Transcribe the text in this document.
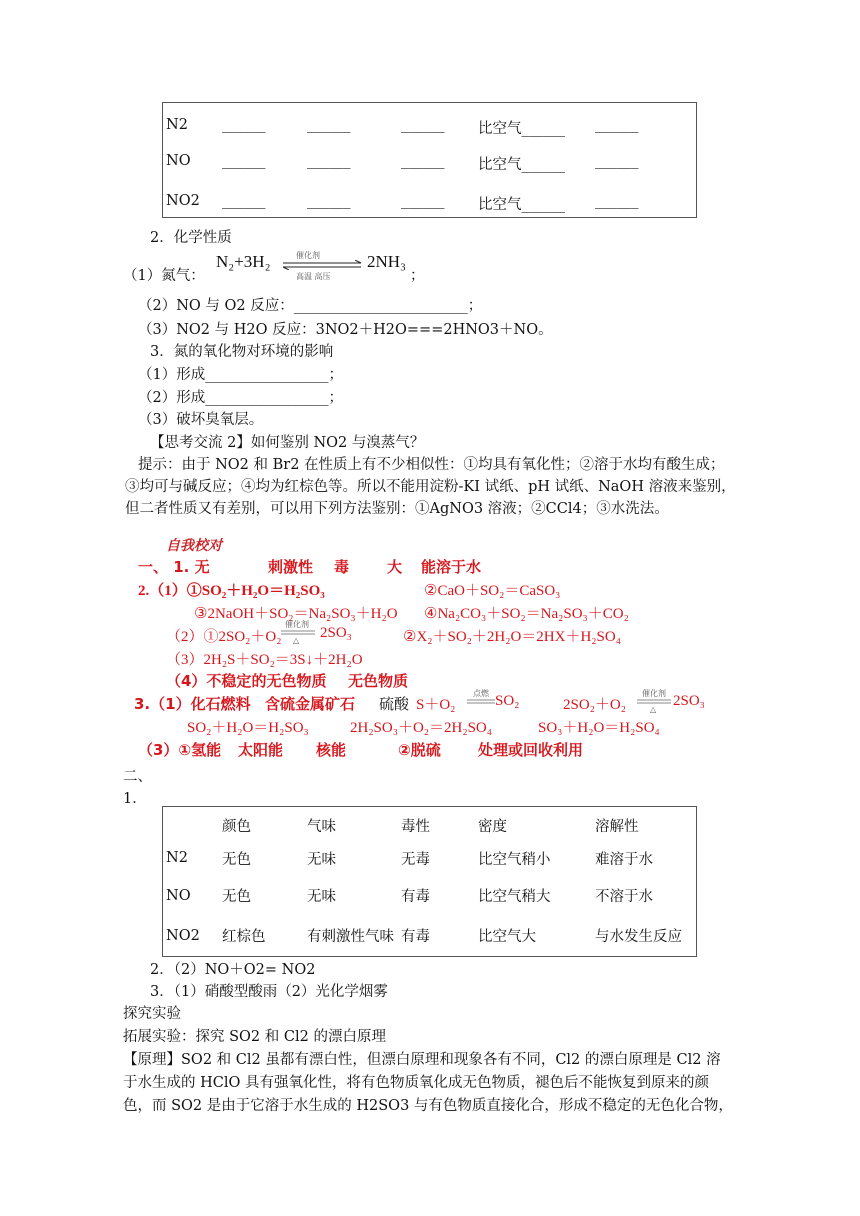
N2 ______	______	______ 比空气______ ______
NO ______	______	______ 比空气______ ______
NO2 ______	______	______ 比空气______ ______
2．化学性质
（1）氮气：
N₂+3H₂	催化剂
高温 高压
2NH₃
；
（2）NO 与 O2 反应：________________________；
（3）NO2 与 H2O 反应：3NO2＋H2O===2HNO3＋NO。
3．氮的氧化物对环境的影响
（1）形成_________________；
（2）形成_________________；
（3）破坏臭氧层。
【思考交流 2】如何鉴别 NO2 与溴蒸气？
提示：由于 NO2 和 Br2 在性质上有不少相似性：①均具有氧化性；②溶于水均有酸生成；
③均可与碱反应；④均为红棕色等。所以不能用淀粉-KI 试纸、pH 试纸、NaOH 溶液来鉴别，
但二者性质又有差别，可以用下列方法鉴别：①AgNO3 溶液；②CCl4；③水洗法。
自我校对
一、 1. 无	刺激性 毒	大 能溶于水
2.（1）①SO₂＋H₂O＝H₂SO₃	②CaO＋SO₂＝CaSO₃
③2NaOH＋SO₂＝Na₂SO₃＋H₂O ④Na₂CO₃＋SO₂＝Na₂SO₃＋CO₂
（2）①2SO₂＋O₂
催化剂
△ 2SO₃	②X₂＋SO₂＋2H₂O＝2HX＋H₂SO₄
（3）2H₂S＋SO₂＝3S↓＋2H₂O
（4）不稳定的无色物质 无色物质
3.（1）化石燃料 含硫金属矿石 硫酸 S＋O₂
点燃 SO₂	2SO₂＋O₂
催化剂
△
2SO₃
SO₂＋H₂O＝H₂SO₃	2H₂SO₃＋O₂＝2H₂SO₄	SO₃＋H₂O＝H₂SO₄
（3）①氢能 太阳能 核能	②脱硫 处理或回收利用
二、
1．
颜色	气味	毒性	密度	溶解性
N2 无色	无味	无毒	比空气稍小	难溶于水
NO 无色	无味	有毒	比空气稍大	不溶于水
NO2 红棕色	有刺激性气味 有毒	比空气大	与水发生反应
2．（2）NO＋O2= NO2
3．（1）硝酸型酸雨（2）光化学烟雾
探究实验
拓展实验：探究 SO2 和 Cl2 的漂白原理
【原理】SO2 和 Cl2 虽都有漂白性，但漂白原理和现象各有不同，Cl2 的漂白原理是 Cl2 溶
于水生成的 HClO 具有强氧化性，将有色物质氧化成无色物质，褪色后不能恢复到原来的颜
色，而 SO2 是由于它溶于水生成的 H2SO3 与有色物质直接化合，形成不稳定的无色化合物，
